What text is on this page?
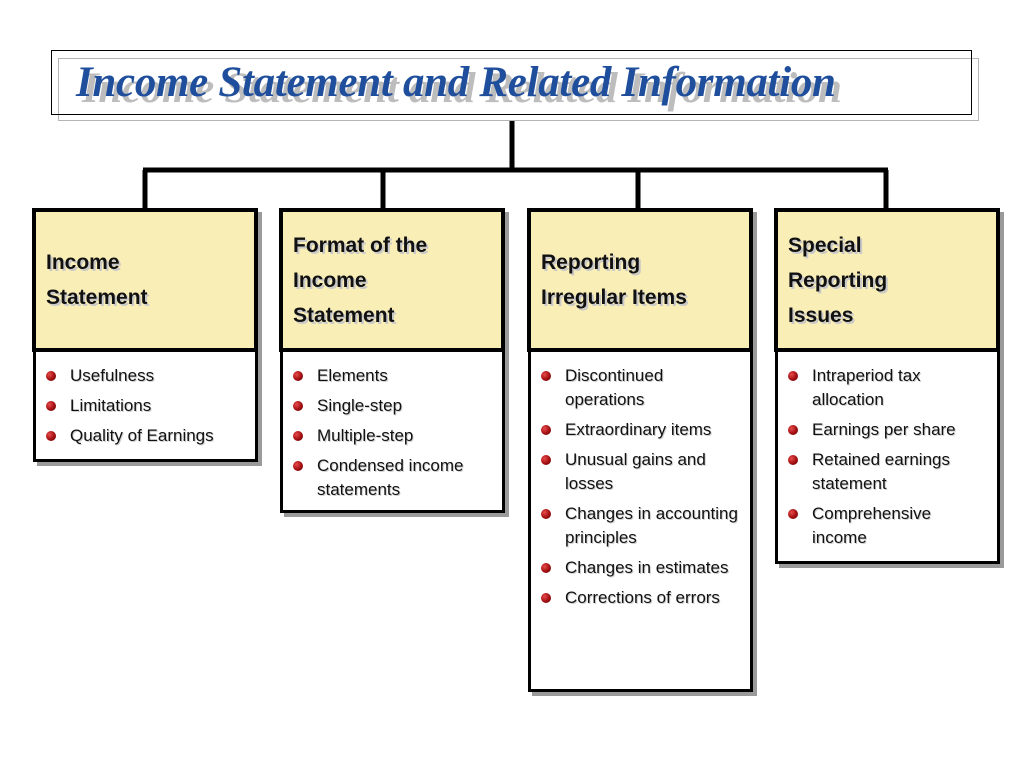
Income Statement and Related Information
Income
Statement
Usefulness
Limitations
Quality of Earnings
Format of the
Income
Statement
Elements
Single-step
Multiple-step
Condensed income statements
Reporting
Irregular Items
Discontinued operations
Extraordinary items
Unusual gains and losses
Changes in accounting principles
Changes in estimates
Corrections of errors
Special
Reporting
Issues
Intraperiod tax allocation
Earnings per share
Retained earnings statement
Comprehensive income
